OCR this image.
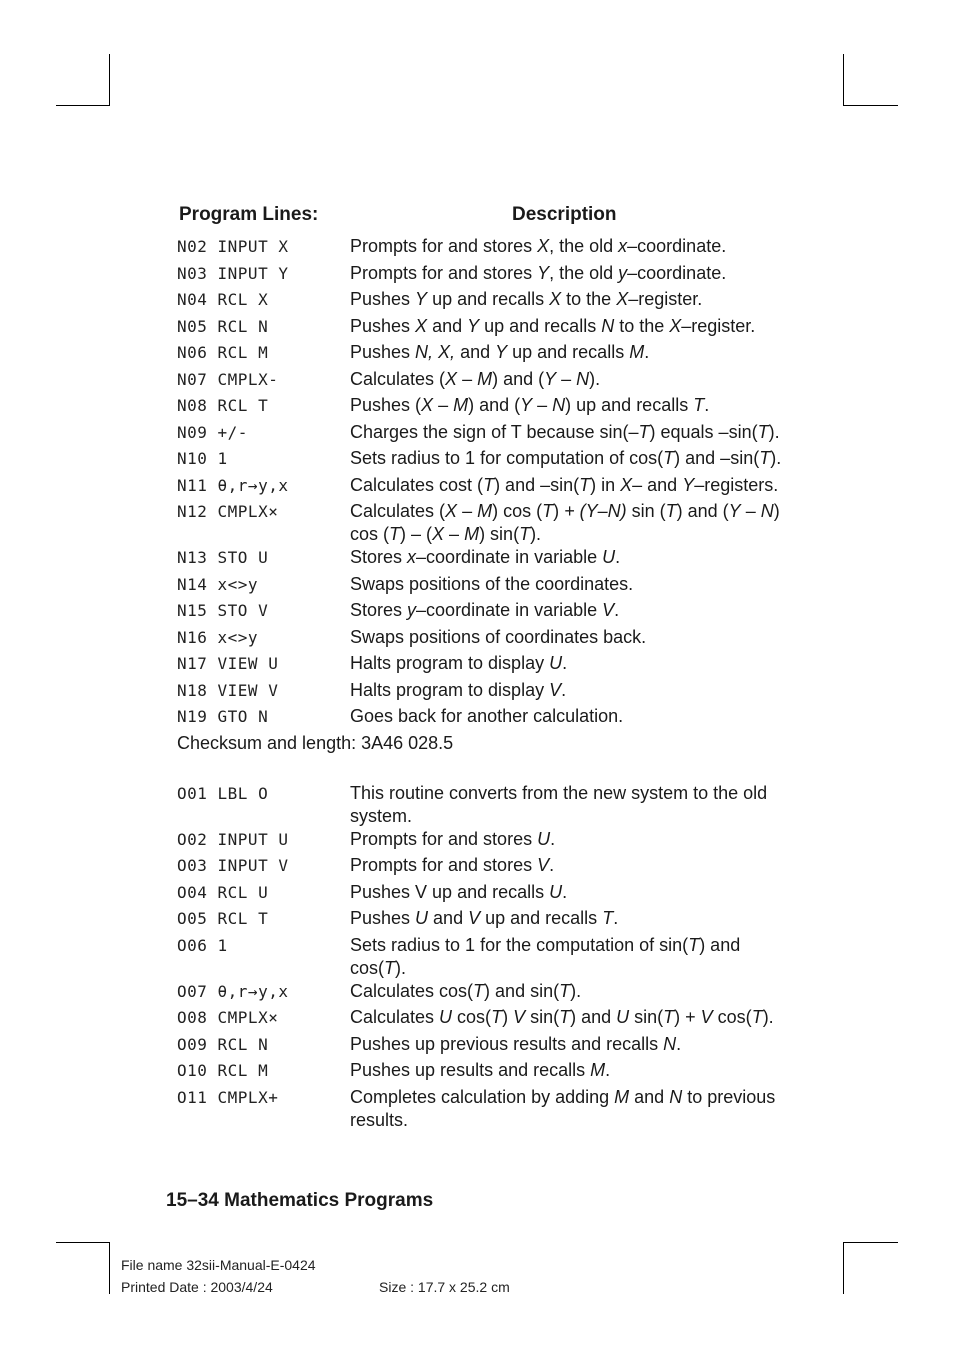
Program Lines:	Description
N02 INPUT X	Prompts for and stores X, the old x–coordinate.
N03 INPUT Y	Prompts for and stores Y, the old y–coordinate.
N04 RCL X	Pushes Y up and recalls X to the X–register.
N05 RCL N	Pushes X and Y up and recalls N to the X–register.
N06 RCL M	Pushes N, X, and Y up and recalls M.
N07 CMPLX-	Calculates (X – M) and (Y – N).
N08 RCL T	Pushes (X – M) and (Y – N) up and recalls T.
N09 +/-	Charges the sign of T because sin(–T) equals –sin(T).
N10 1	Sets radius to 1 for computation of cos(T) and –sin(T).
N11 θ,r→y,x	Calculates cost (T) and –sin(T) in X– and Y–registers.
N12 CMPLX×	Calculates (X – M) cos (T) + (Y–N) sin (T) and (Y – N) cos (T) – (X – M) sin(T).
N13 STO U	Stores x–coordinate in variable U.
N14 x<>y	Swaps positions of the coordinates.
N15 STO V	Stores y–coordinate in variable V.
N16 x<>y	Swaps positions of coordinates back.
N17 VIEW U	Halts program to display U.
N18 VIEW V	Halts program to display V.
N19 GTO N	Goes back for another calculation.
Checksum and length: 3A46 028.5
O01 LBL O	This routine converts from the new system to the old system.
O02 INPUT U	Prompts for and stores U.
O03 INPUT V	Prompts for and stores V.
O04 RCL U	Pushes V up and recalls U.
O05 RCL T	Pushes U and V up and recalls T.
O06 1	Sets radius to 1 for the computation of sin(T) and cos(T).
O07 θ,r→y,x	Calculates cos(T) and sin(T).
O08 CMPLX×	Calculates U cos(T) V sin(T) and U sin(T) + V cos(T).
O09 RCL N	Pushes up previous results and recalls N.
O10 RCL M	Pushes up results and recalls M.
O11 CMPLX+	Completes calculation by adding M and N to previous results.
15–34 Mathematics Programs
File name 32sii-Manual-E-0424
Printed Date : 2003/4/24	Size : 17.7 x 25.2 cm
